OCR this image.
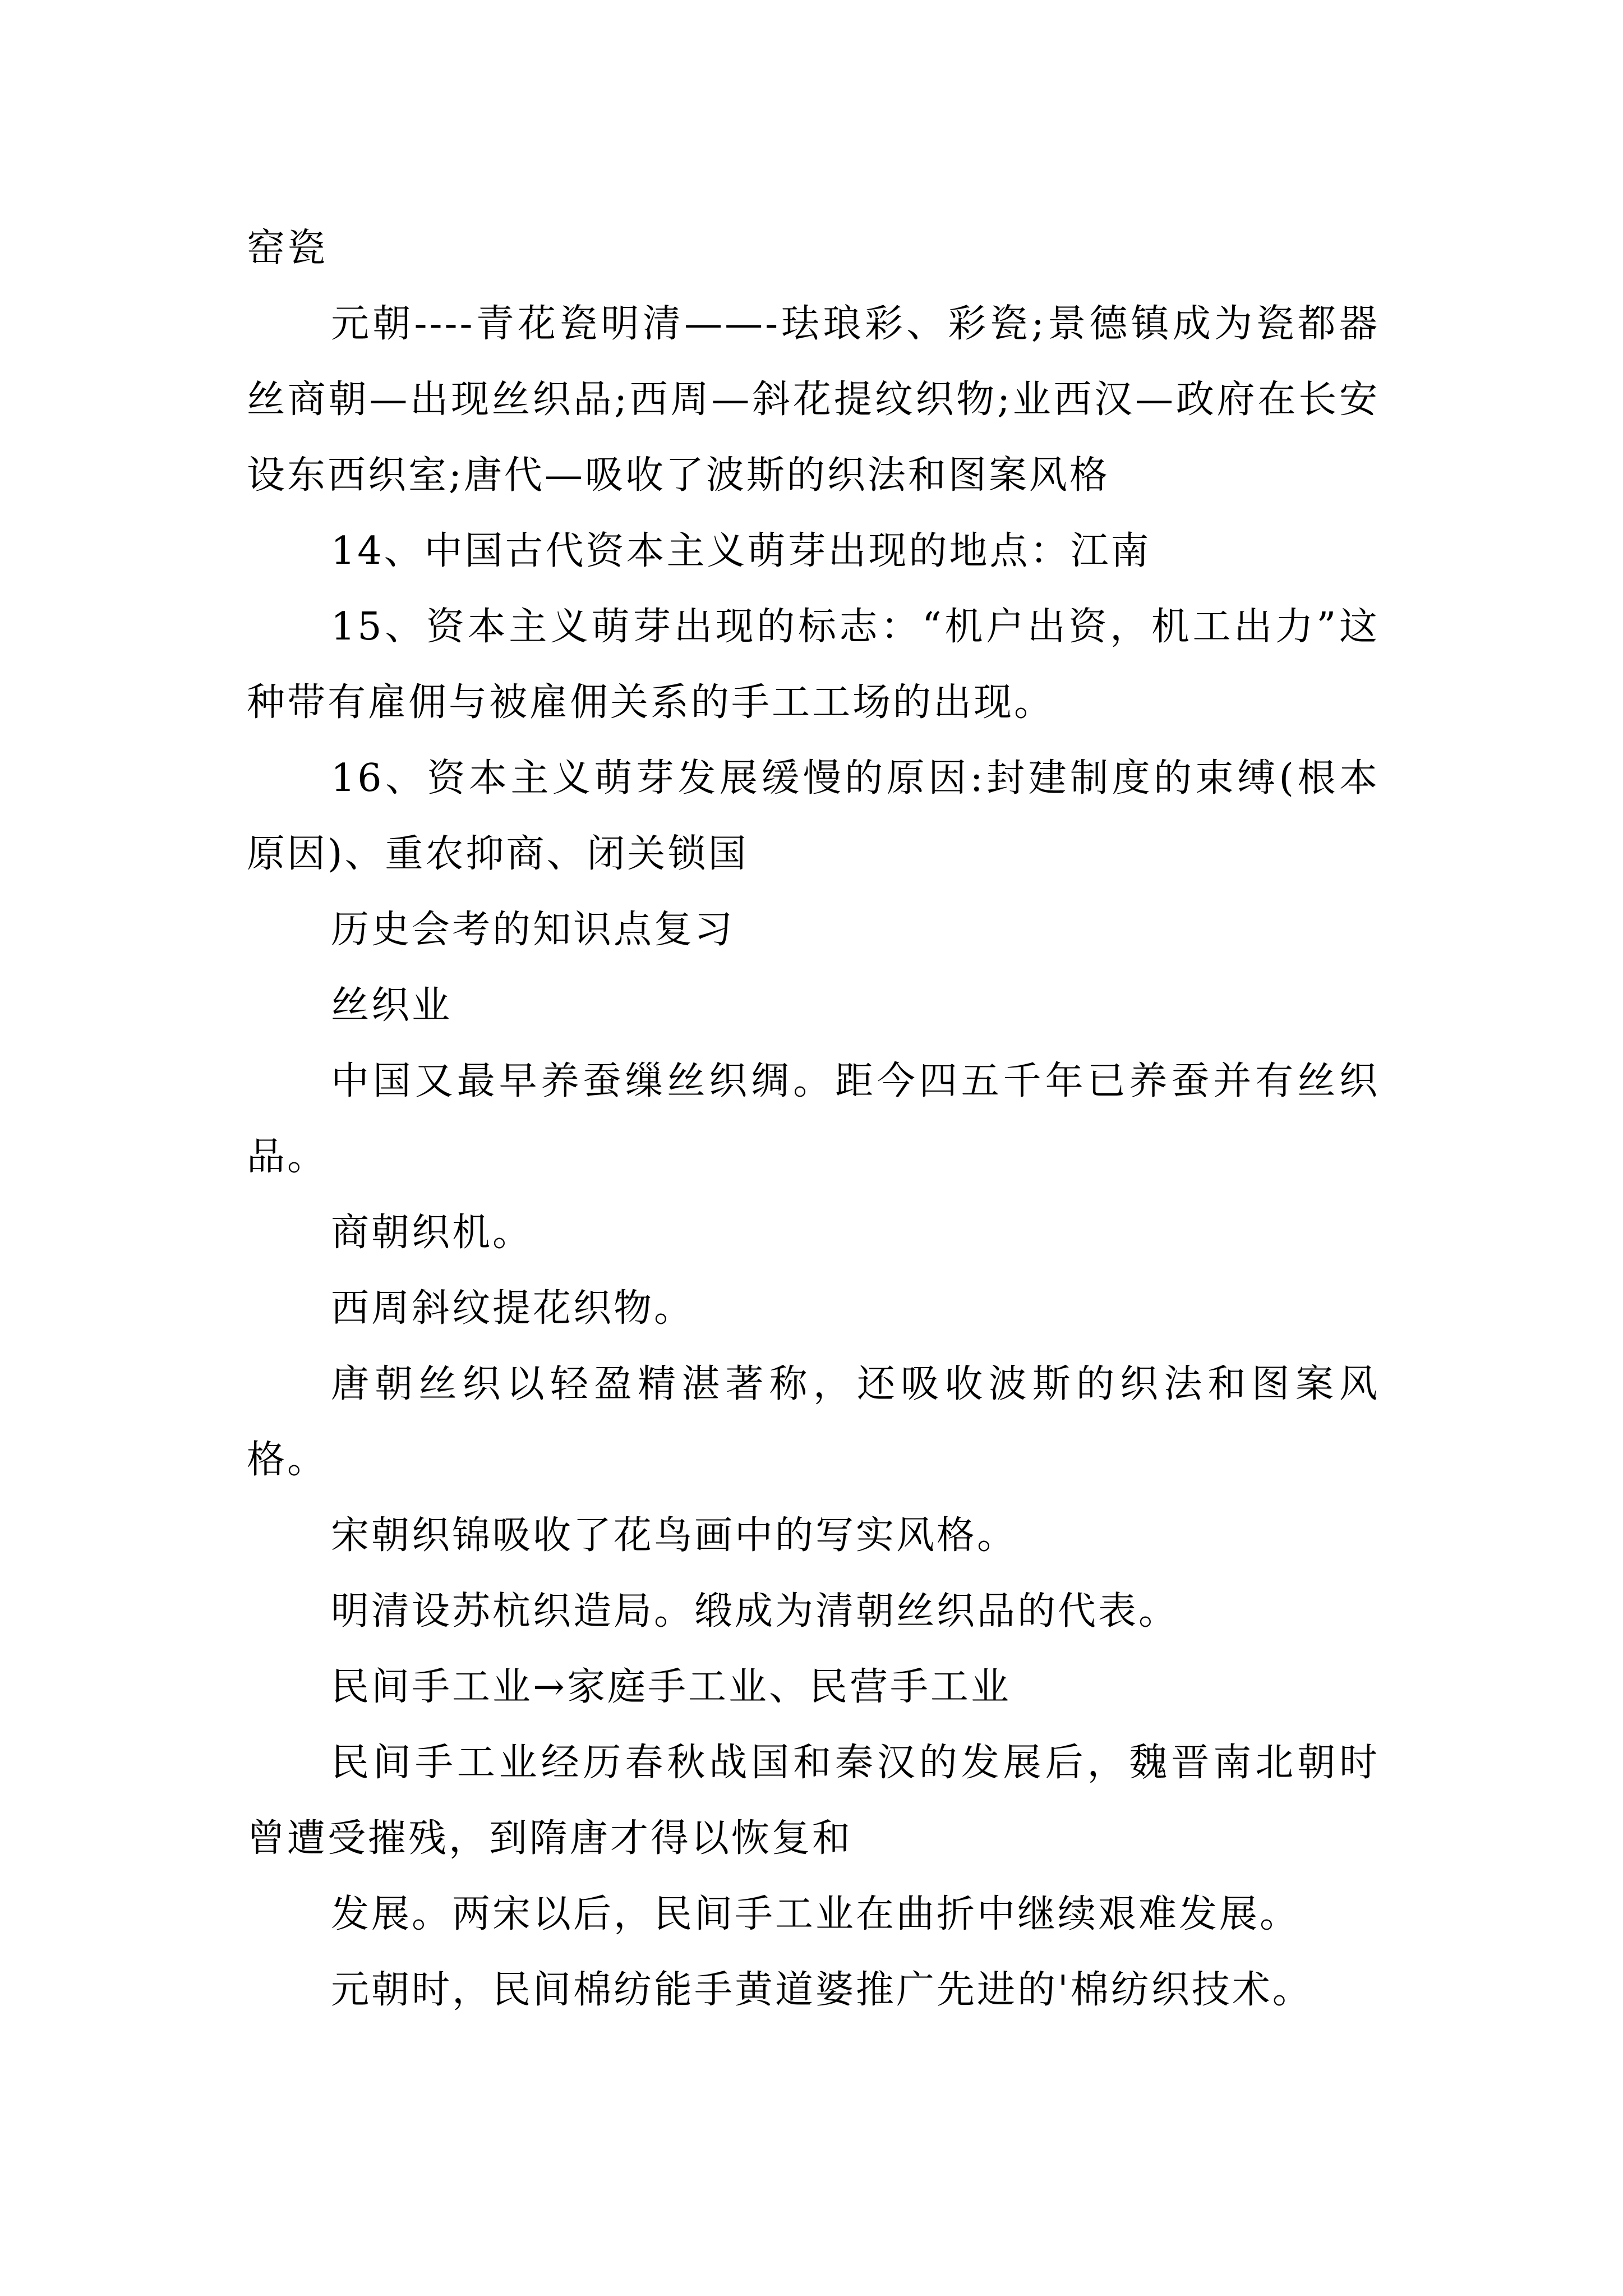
窑瓷

元朝----青花瓷明清——-珐琅彩、彩瓷;景德镇成为瓷都器丝商朝—出现丝织品;西周—斜花提纹织物;业西汉—政府在长安设东西织室;唐代—吸收了波斯的织法和图案风格

14、中国古代资本主义萌芽出现的地点：江南

15、资本主义萌芽出现的标志：“机户出资，机工出力”这种带有雇佣与被雇佣关系的手工工场的出现。

16、资本主义萌芽发展缓慢的原因:封建制度的束缚(根本原因)、重农抑商、闭关锁国

历史会考的知识点复习

丝织业

中国又最早养蚕缫丝织绸。距今四五千年已养蚕并有丝织品。

商朝织机。

西周斜纹提花织物。

唐朝丝织以轻盈精湛著称，还吸收波斯的织法和图案风格。

宋朝织锦吸收了花鸟画中的写实风格。

明清设苏杭织造局。缎成为清朝丝织品的代表。

民间手工业→家庭手工业、民营手工业

民间手工业经历春秋战国和秦汉的发展后，魏晋南北朝时曾遭受摧残，到隋唐才得以恢复和

发展。两宋以后，民间手工业在曲折中继续艰难发展。

元朝时，民间棉纺能手黄道婆推广先进的'棉纺织技术。
